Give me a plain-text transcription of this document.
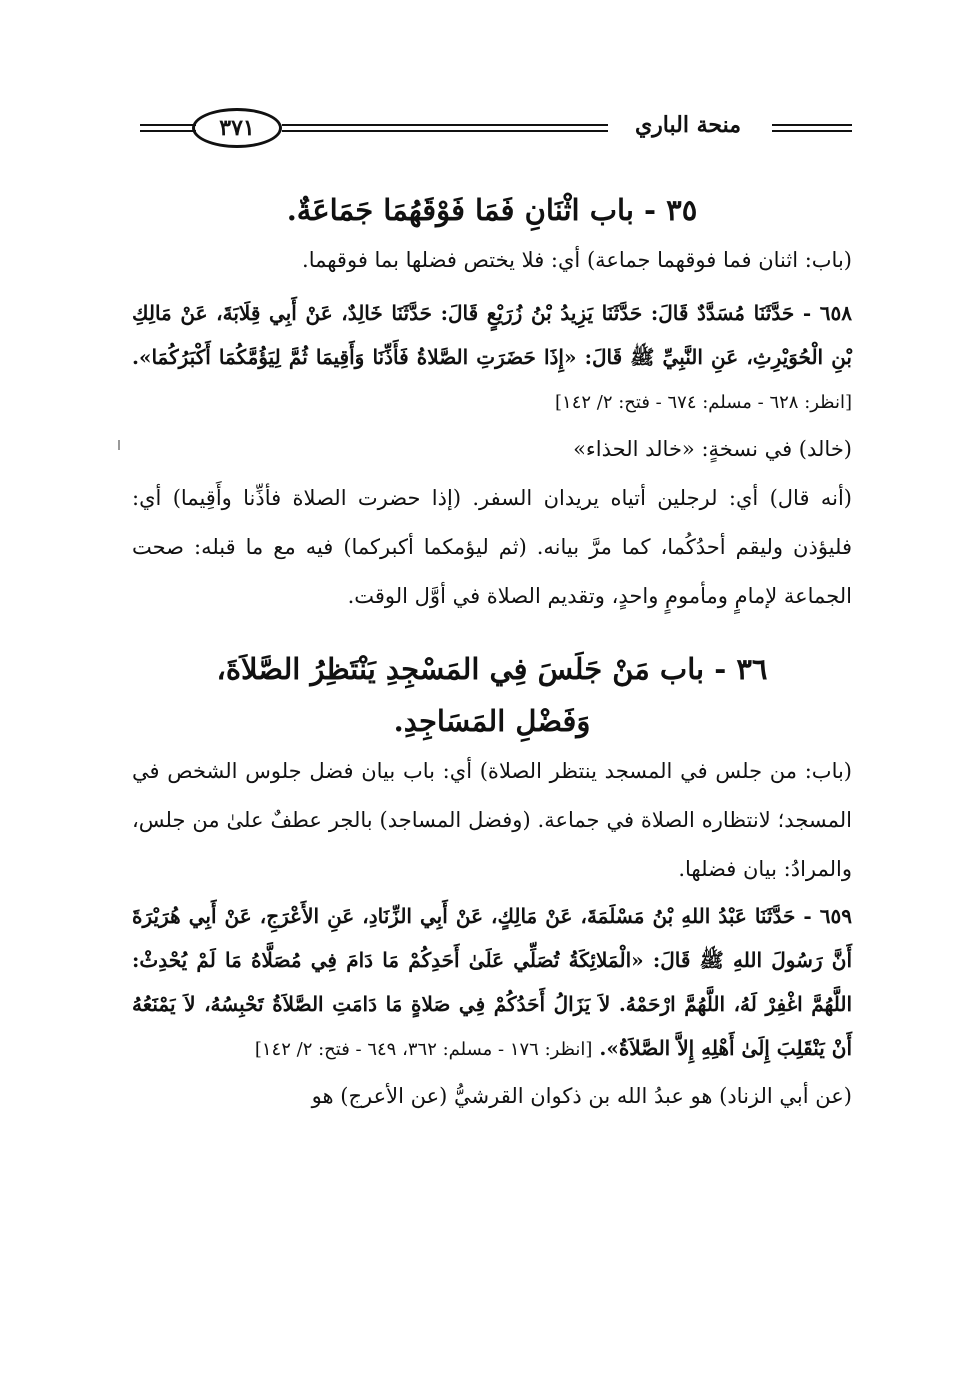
٣٧١	منحة الباري
٣٥ - باب اثْنَانِ فَمَا فَوْقَهُمَا جَمَاعَةٌ.

(باب: اثنان فما فوقهما جماعة) أي: فلا يختص فضلها بما فوقهما.

٦٥٨ - حَدَّثَنَا مُسَدَّدٌ قَالَ: حَدَّثَنَا يَزِيدُ بْنُ زُرَيْعٍ قَالَ: حَدَّثَنَا خَالِدٌ، عَنْ أَبِي قِلَابَةَ، عَنْ مَالِكِ بْنِ الْحُوَيْرِثِ، عَنِ النَّبِيِّ ﷺ قَالَ: «إِذَا حَضَرَتِ الصَّلاةُ فَأَذِّنَا وَأَقِيمَا ثُمَّ لِيَؤُمَّكُمَا أَكْبَرُكُمَا». [انظر: ٦٢٨ - مسلم: ٦٧٤ - فتح: ٢/ ١٤٢]

(خالد) في نسخةٍ: «خالد الحذاء»

(أنه قال) أي: لرجلين أتياه يريدان السفر. (إذا حضرت الصلاة فأذِّنا وأَقِيما) أي: فليؤذن وليقم أحدُكُما، كما مرَّ بيانه. (ثم ليؤمكما أكبركما) فيه مع ما قبله: صحت الجماعة لإمامٍ ومأمومٍ واحدٍ، وتقديم الصلاة في أوَّل الوقت.

٣٦ - باب مَنْ جَلَسَ فِي المَسْجِدِ يَنْتَظِرُ الصَّلاَةَ،
وَفَضْلِ المَسَاجِدِ.

(باب: من جلس في المسجد ينتظر الصلاة) أي: باب بيان فضل جلوس الشخص في المسجد؛ لانتظاره الصلاة في جماعة. (وفضل المساجد) بالجر عطفٌ علىٰ من جلس، والمرادُ: بيان فضلها.

٦٥٩ - حَدَّثَنَا عَبْدُ اللهِ بْنُ مَسْلَمَةَ، عَنْ مَالِكٍ، عَنْ أَبِي الزِّنَادِ، عَنِ الأَعْرَجِ، عَنْ أَبِي هُرَيْرَةَ أَنَّ رَسُولَ اللهِ ﷺ قَالَ: «الْمَلائِكَةُ تُصَلِّي عَلَىٰ أَحَدِكُمْ مَا دَامَ فِي مُصَلَّاهُ مَا لَمْ يُحْدِثْ: اللَّهُمَّ اغْفِرْ لَهُ، اللَّهُمَّ ارْحَمْهُ. لاَ يَزَالُ أَحَدُكُمْ فِي صَلاةٍ مَا دَامَتِ الصَّلاَةُ تَحْبِسُهُ، لاَ يَمْنَعُهُ أَنْ يَنْقَلِبَ إِلَىٰ أَهْلِهِ إِلاَّ الصَّلاَةُ». [انظر: ١٧٦ - مسلم: ٣٦٢، ٦٤٩ - فتح: ٢/ ١٤٢]

(عن أبي الزناد) هو عبدُ الله بن ذكوان القرشيُّ (عن الأعرج) هو
